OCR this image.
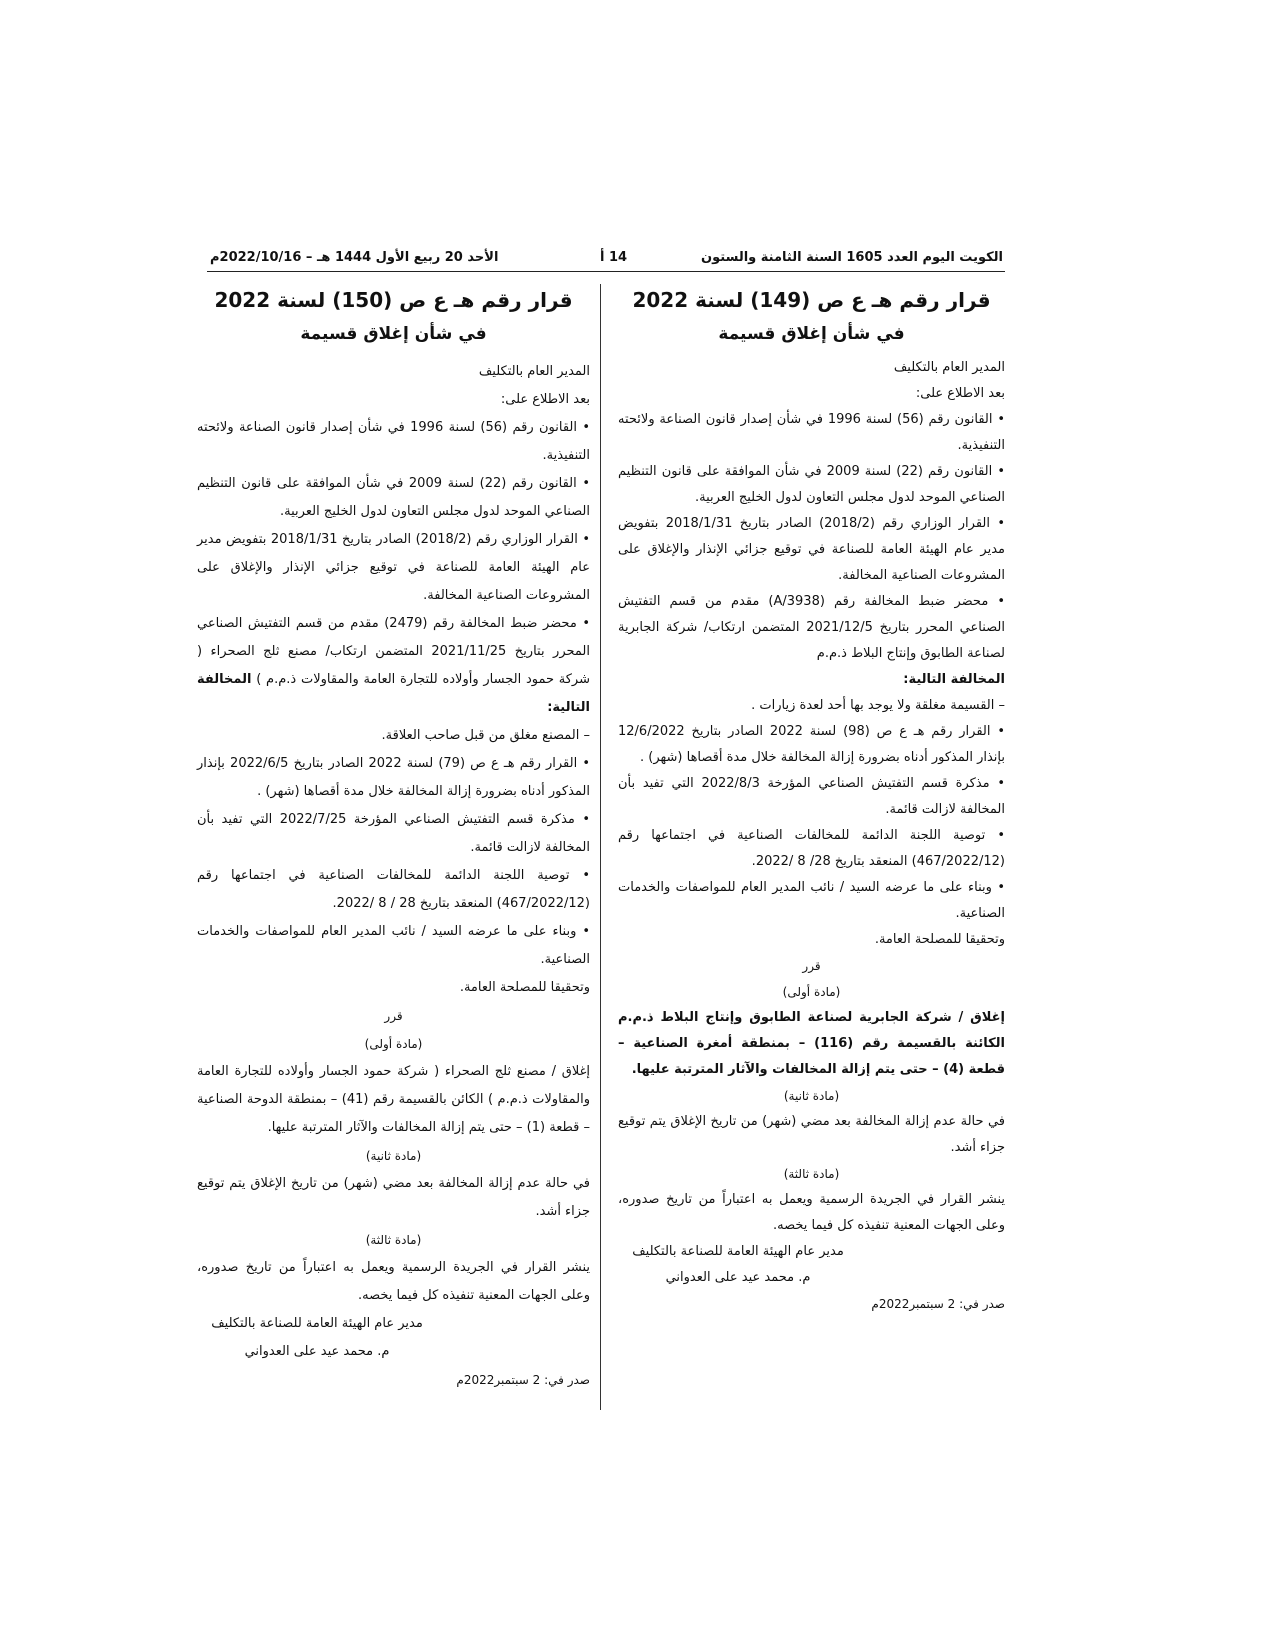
الكويت اليوم العدد 1605 السنة الثامنة والستون
14 أ
الأحد 20 ربيع الأول 1444 هـ – 2022/10/16م
قرار رقم هـ ع ص (149) لسنة 2022
في شأن إغلاق قسيمة

المدير العام بالتكليف

بعد الاطلاع على:

• القانون رقم (56) لسنة 1996 في شأن إصدار قانون الصناعة ولائحته التنفيذية.

• القانون رقم (22) لسنة 2009 في شأن الموافقة على قانون التنظيم الصناعي الموحد لدول مجلس التعاون لدول الخليج العربية.

• القرار الوزاري رقم (2018/2) الصادر بتاريخ 2018/1/31 بتفويض مدير عام الهيئة العامة للصناعة في توقيع جزائي الإنذار والإغلاق على المشروعات الصناعية المخالفة.

• محضر ضبط المخالفة رقم (A/3938) مقدم من قسم التفتيش الصناعي المحرر بتاريخ 2021/12/5 المتضمن ارتكاب/ شركة الجابرية لصناعة الطابوق وإنتاج البلاط ذ.م.م

المخالفة التالية:

– القسيمة مغلقة ولا يوجد بها أحد لعدة زيارات .

• القرار رقم هـ ع ص (98) لسنة 2022 الصادر بتاريخ 12/6/2022 بإنذار المذكور أدناه بضرورة إزالة المخالفة خلال مدة أقصاها (شهر) .

• مذكرة قسم التفتيش الصناعي المؤرخة 2022/8/3 التي تفيد بأن المخالفة لازالت قائمة.

• توصية اللجنة الدائمة للمخالفات الصناعية في اجتماعها رقم (467/2022/12) المنعقد بتاريخ 28/ 8 /2022.

• وبناء على ما عرضه السيد / نائب المدير العام للمواصفات والخدمات الصناعية.

وتحقيقا للمصلحة العامة.

قرر

(مادة أولى)

إغلاق / شركة الجابرية لصناعة الطابوق وإنتاج البلاط ذ.م.م الكائنة بالقسيمة رقم (116) – بمنطقة أمغرة الصناعية – قطعة (4) – حتى يتم إزالة المخالفات والآثار المترتبة عليها.

(مادة ثانية)

في حالة عدم إزالة المخالفة بعد مضي (شهر) من تاريخ الإغلاق يتم توقيع جزاء أشد.

(مادة ثالثة)

ينشر القرار في الجريدة الرسمية ويعمل به اعتباراً من تاريخ صدوره، وعلى الجهات المعنية تنفيذه كل فيما يخصه.

مدير عام الهيئة العامة للصناعة بالتكليف

م. محمد عيد على العدواني

صدر في: 2 سبتمبر2022م

قرار رقم هـ ع ص (150) لسنة 2022
في شأن إغلاق قسيمة

المدير العام بالتكليف

بعد الاطلاع على:

• القانون رقم (56) لسنة 1996 في شأن إصدار قانون الصناعة ولائحته التنفيذية.

• القانون رقم (22) لسنة 2009 في شأن الموافقة على قانون التنظيم الصناعي الموحد لدول مجلس التعاون لدول الخليج العربية.

• القرار الوزاري رقم (2018/2) الصادر بتاريخ 2018/1/31 بتفويض مدير عام الهيئة العامة للصناعة في توقيع جزائي الإنذار والإغلاق على المشروعات الصناعية المخالفة.

• محضر ضبط المخالفة رقم (2479) مقدم من قسم التفتيش الصناعي المحرر بتاريخ 2021/11/25 المتضمن ارتكاب/ مصنع ثلج الصحراء ( شركة حمود الجسار وأولاده للتجارة العامة والمقاولات ذ.م.م ) المخالفة التالية:

– المصنع مغلق من قبل صاحب العلاقة.

• القرار رقم هـ ع ص (79) لسنة 2022 الصادر بتاريخ 2022/6/5 بإنذار المذكور أدناه بضرورة إزالة المخالفة خلال مدة أقصاها (شهر) .

• مذكرة قسم التفتيش الصناعي المؤرخة 2022/7/25 التي تفيد بأن المخالفة لازالت قائمة.

• توصية اللجنة الدائمة للمخالفات الصناعية في اجتماعها رقم (467/2022/12) المنعقد بتاريخ 28 / 8 /2022.

• وبناء على ما عرضه السيد / نائب المدير العام للمواصفات والخدمات الصناعية.

وتحقيقا للمصلحة العامة.

قرر

(مادة أولى)

إغلاق / مصنع ثلج الصحراء ( شركة حمود الجسار وأولاده للتجارة العامة والمقاولات ذ.م.م ) الكائن بالقسيمة رقم (41) – بمنطقة الدوحة الصناعية – قطعة (1) – حتى يتم إزالة المخالفات والآثار المترتبة عليها.

(مادة ثانية)

في حالة عدم إزالة المخالفة بعد مضي (شهر) من تاريخ الإغلاق يتم توقيع جزاء أشد.

(مادة ثالثة)

ينشر القرار في الجريدة الرسمية ويعمل به اعتباراً من تاريخ صدوره، وعلى الجهات المعنية تنفيذه كل فيما يخصه.

مدير عام الهيئة العامة للصناعة بالتكليف

م. محمد عيد على العدواني

صدر في: 2 سبتمبر2022م
